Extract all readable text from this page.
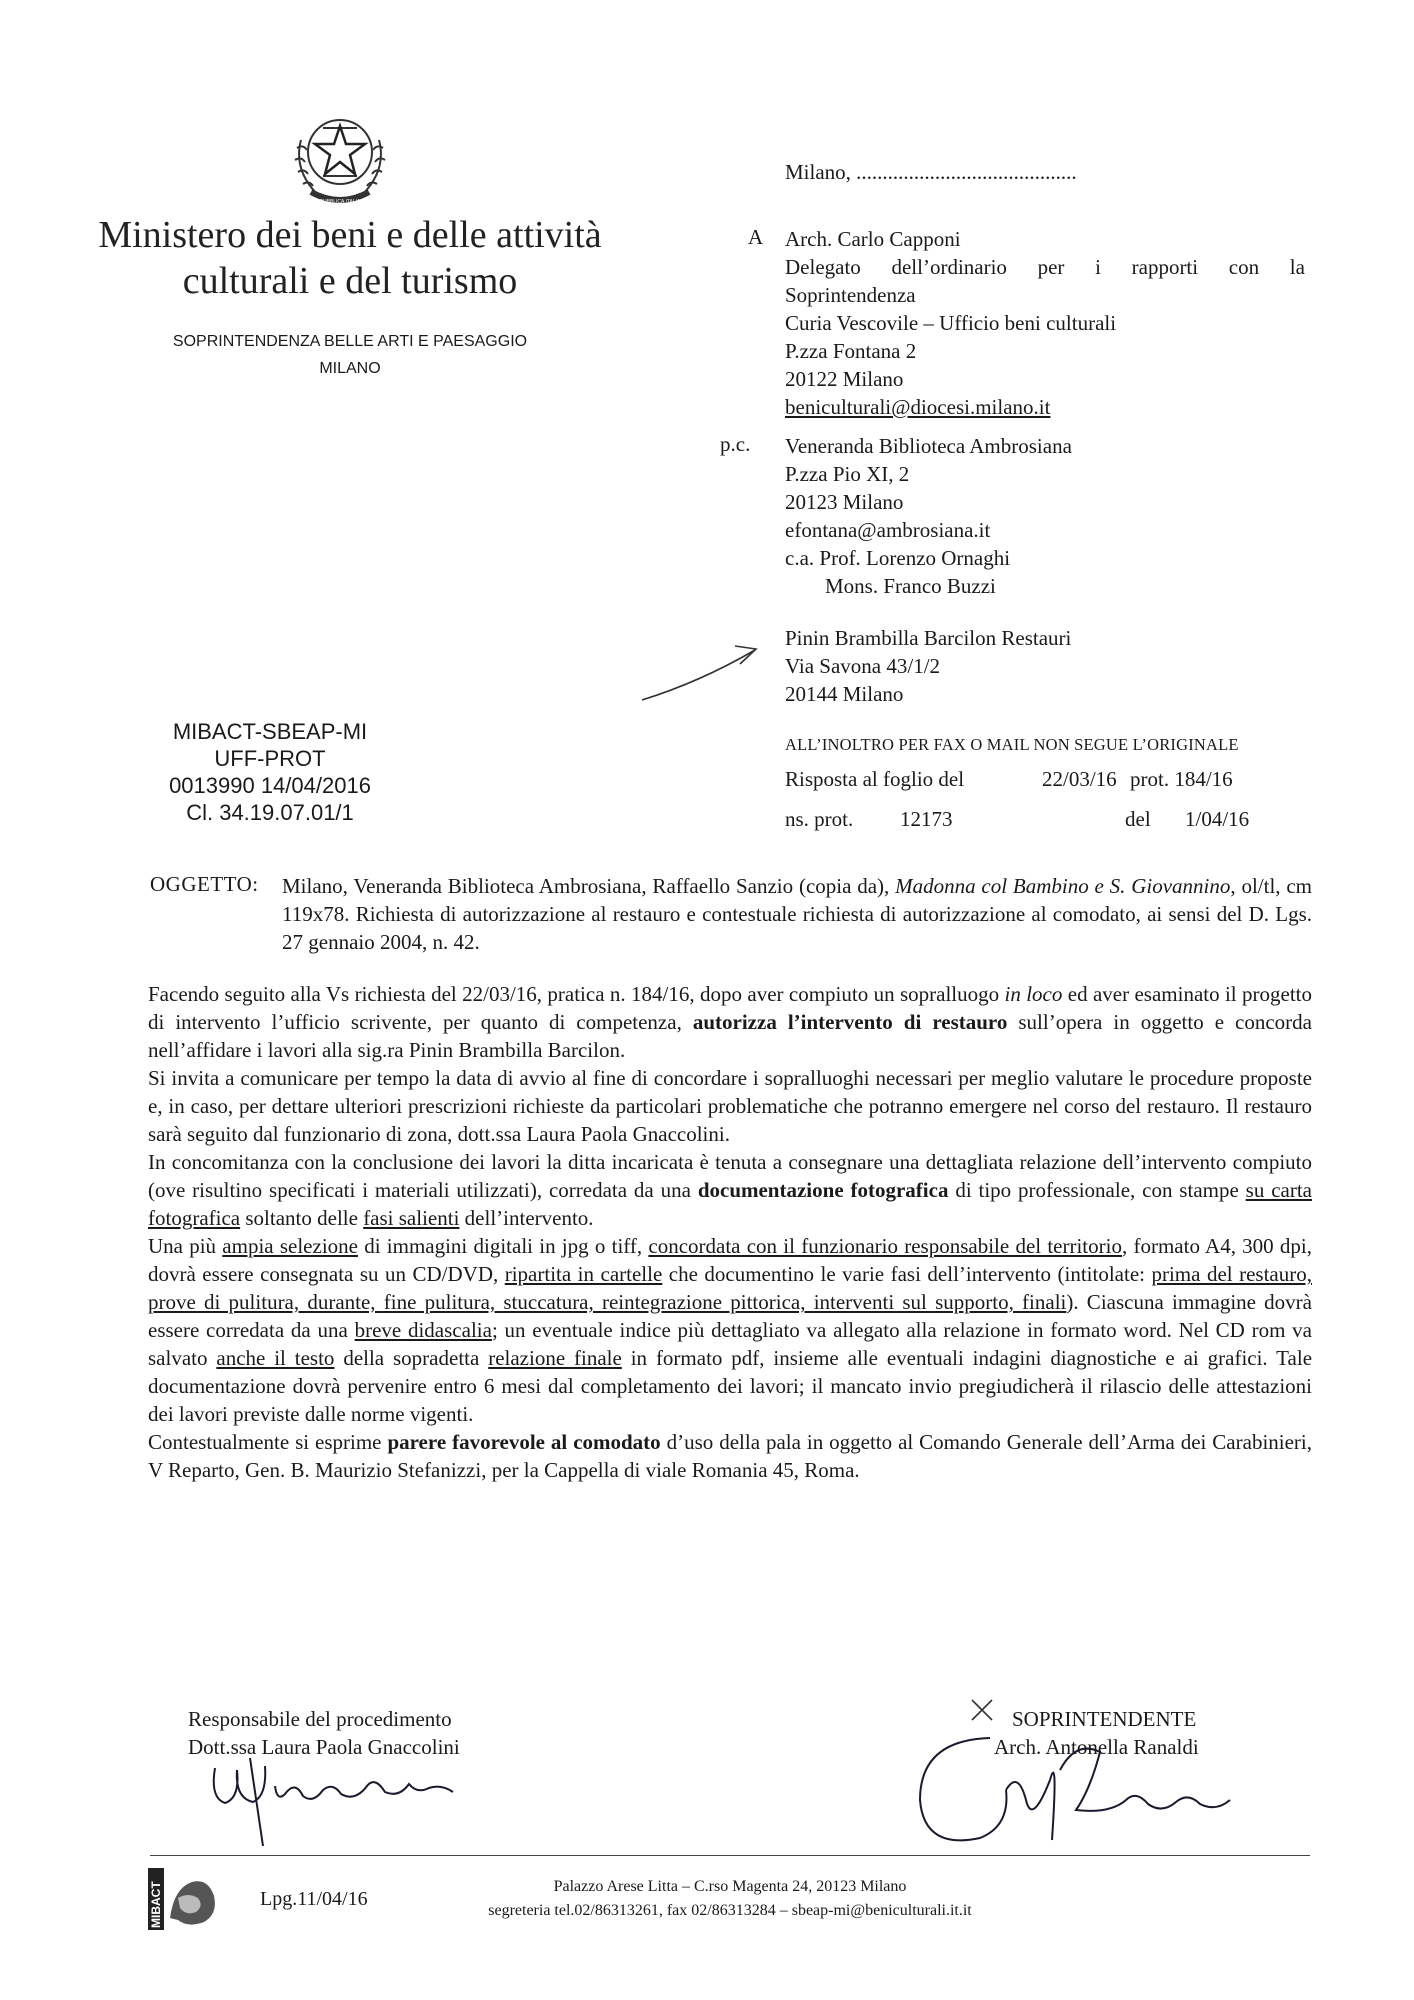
REPUBBLICA ITALIANA
Ministero dei beni e delle attività
culturali e del turismo
SOPRINTENDENZA BELLE ARTI E PAESAGGIO
MILANO
MIBACT-SBEAP-MI
UFF-PROT
0013990 14/04/2016
Cl. 34.19.07.01/1
Milano, ..........................................
A Arch. Carlo Capponi
Delegato dell’ordinario per i rapporti con la
Soprintendenza
Curia Vescovile – Ufficio beni culturali
P.zza Fontana 2
20122 Milano
beniculturali@diocesi.milano.it
p.c. Veneranda Biblioteca Ambrosiana
P.zza Pio XI, 2
20123 Milano
efontana@ambrosiana.it
c.a. Prof. Lorenzo Ornaghi
Mons. Franco Buzzi
Pinin Brambilla Barcilon Restauri
Via Savona 43/1/2
20144 Milano
ALL’INOLTRO PER FAX O MAIL NON SEGUE L’ORIGINALE
Risposta al foglio del	22/03/16 prot. 184/16
ns. prot. 12173	del 1/04/16
OGGETTO: Milano, Veneranda Biblioteca Ambrosiana, Raffaello Sanzio (copia da), Madonna col Bambino e S. Giovannino, ol/tl, cm 119x78. Richiesta di autorizzazione al restauro e contestuale richiesta di autorizzazione al comodato, ai sensi del D. Lgs. 27 gennaio 2004, n. 42.

Facendo seguito alla Vs richiesta del 22/03/16, pratica n. 184/16, dopo aver compiuto un sopralluogo in loco ed aver esaminato il progetto di intervento l’ufficio scrivente, per quanto di competenza, autorizza l’intervento di restauro sull’opera in oggetto e concorda nell’affidare i lavori alla sig.ra Pinin Brambilla Barcilon.

Si invita a comunicare per tempo la data di avvio al fine di concordare i sopralluoghi necessari per meglio valutare le procedure proposte e, in caso, per dettare ulteriori prescrizioni richieste da particolari problematiche che potranno emergere nel corso del restauro. Il restauro sarà seguito dal funzionario di zona, dott.ssa Laura Paola Gnaccolini.

In concomitanza con la conclusione dei lavori la ditta incaricata è tenuta a consegnare una dettagliata relazione dell’intervento compiuto (ove risultino specificati i materiali utilizzati), corredata da una documentazione fotografica di tipo professionale, con stampe su carta fotografica soltanto delle fasi salienti dell’intervento.

Una più ampia selezione di immagini digitali in jpg o tiff, concordata con il funzionario responsabile del territorio, formato A4, 300 dpi, dovrà essere consegnata su un CD/DVD, ripartita in cartelle che documentino le varie fasi dell’intervento (intitolate: prima del restauro, prove di pulitura, durante, fine pulitura, stuccatura, reintegrazione pittorica, interventi sul supporto, finali). Ciascuna immagine dovrà essere corredata da una breve didascalia; un eventuale indice più dettagliato va allegato alla relazione in formato word. Nel CD rom va salvato anche il testo della sopradetta relazione finale in formato pdf, insieme alle eventuali indagini diagnostiche e ai grafici. Tale documentazione dovrà pervenire entro 6 mesi dal completamento dei lavori; il mancato invio pregiudicherà il rilascio delle attestazioni dei lavori previste dalle norme vigenti.

Contestualmente si esprime parere favorevole al comodato d’uso della pala in oggetto al Comando Generale dell’Arma dei Carabinieri, V Reparto, Gen. B. Maurizio Stefanizzi, per la Cappella di viale Romania 45, Roma.

Responsabile del procedimento
Dott.ssa Laura Paola Gnaccolini
SOPRINTENDENTE
Arch. Antonella Ranaldi
MIBACT	Lpg.11/04/16
Palazzo Arese Litta – C.rso Magenta 24, 20123 Milano
segreteria tel.02/86313261, fax 02/86313284 – sbeap-mi@beniculturali.it.it
